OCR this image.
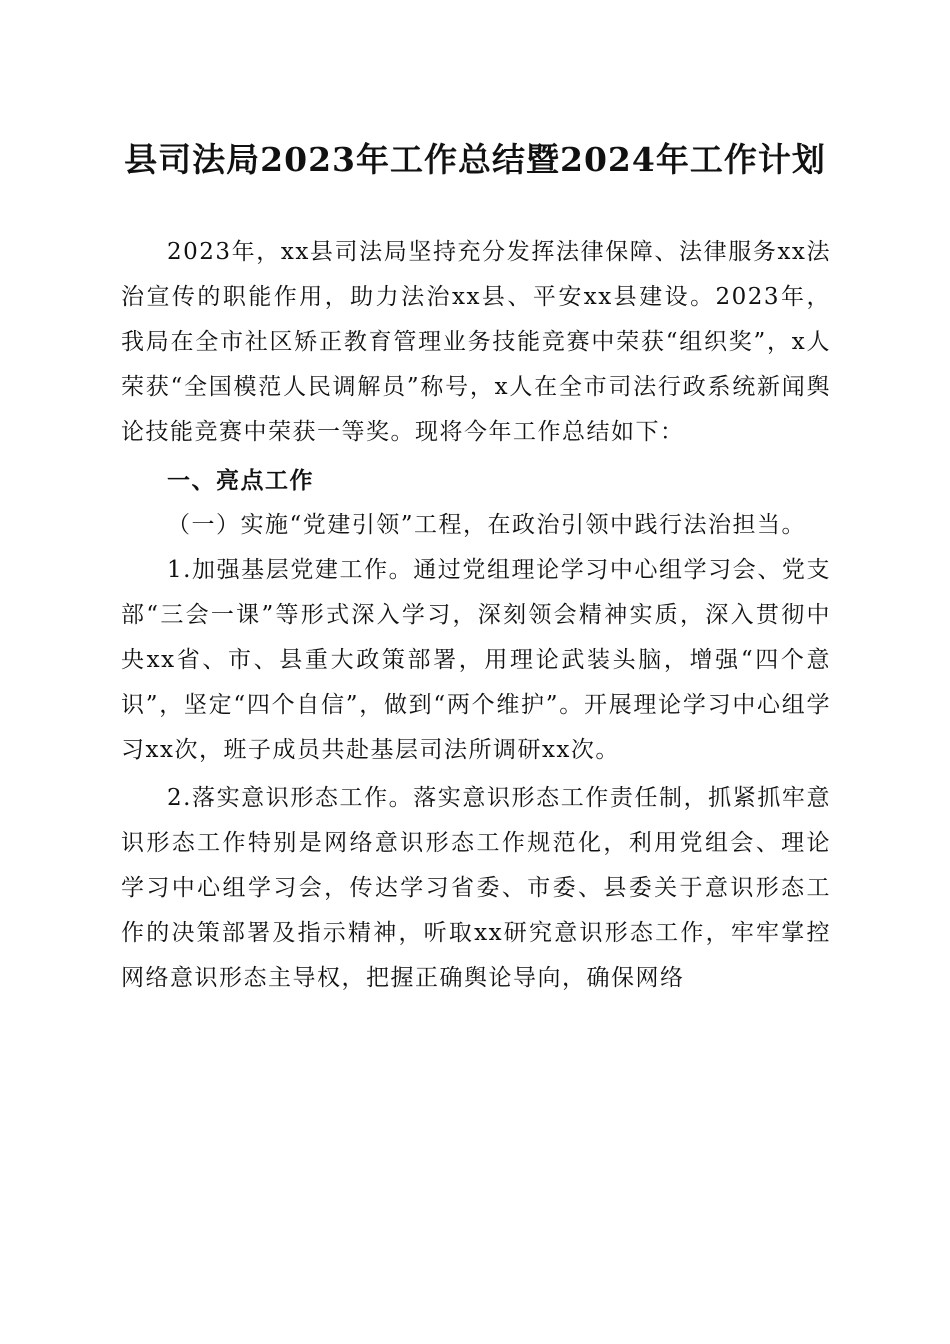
县司法局2023年工作总结暨2024年工作计划

2023年，xx县司法局坚持充分发挥法律保障、法律服务xx法治宣传的职能作用，助力法治xx县、平安xx县建设。2023年，我局在全市社区矫正教育管理业务技能竞赛中荣获“组织奖”，x人荣获“全国模范人民调解员”称号，x人在全市司法行政系统新闻舆论技能竞赛中荣获一等奖。现将今年工作总结如下：

一、亮点工作

（一）实施“党建引领”工程，在政治引领中践行法治担当。

1.加强基层党建工作。通过党组理论学习中心组学习会、党支部“三会一课”等形式深入学习，深刻领会精神实质，深入贯彻中央xx省、市、县重大政策部署，用理论武装头脑，增强“四个意识”，坚定“四个自信”，做到“两个维护”。开展理论学习中心组学习xx次，班子成员共赴基层司法所调研xx次。

2.落实意识形态工作。落实意识形态工作责任制，抓紧抓牢意识形态工作特别是网络意识形态工作规范化，利用党组会、理论学习中心组学习会，传达学习省委、市委、县委关于意识形态工作的决策部署及指示精神，听取xx研究意识形态工作，牢牢掌控网络意识形态主导权，把握正确舆论导向，确保网络
